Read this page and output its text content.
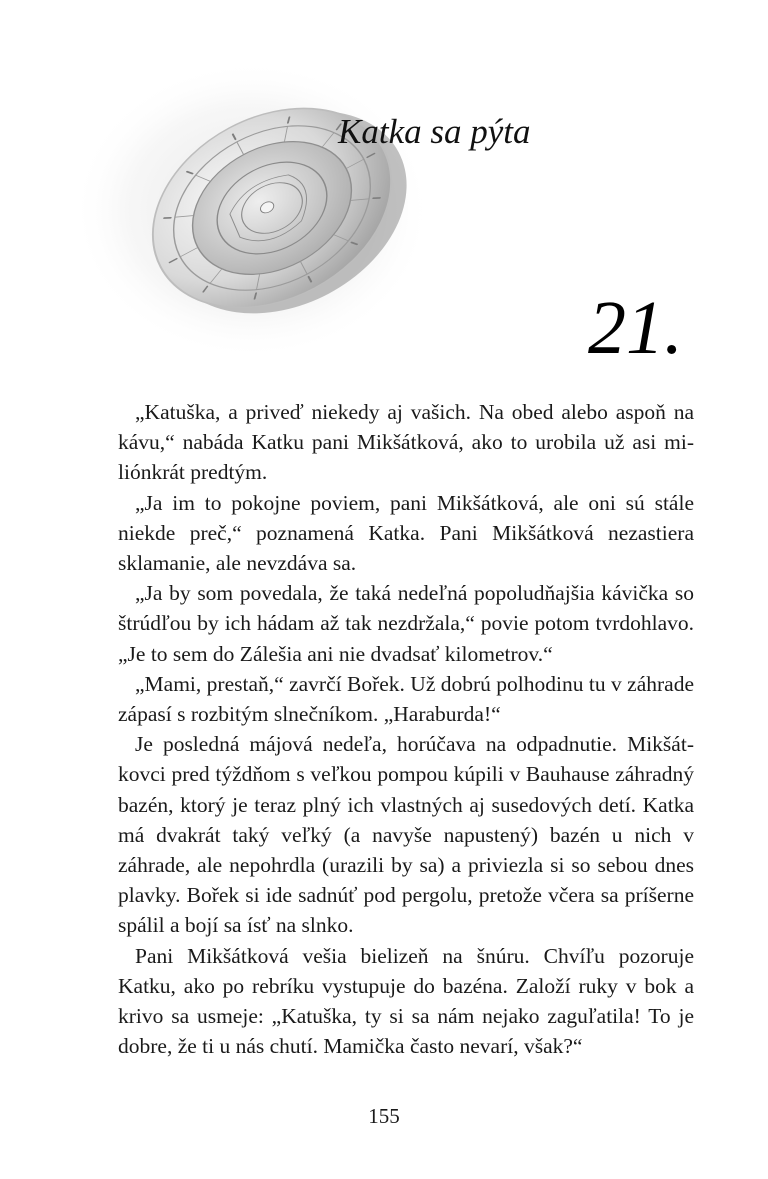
Katka sa pýta
21.

„Katuška, a priveď niekedy aj vašich. Na obed alebo aspoň na kávu,“ nabáda Katku pani Mikšátková, ako to urobila už asi miliónkrát predtým.

„Ja im to pokojne poviem, pani Mikšátková, ale oni sú stále niekde preč,“ poznamená Katka. Pani Mikšátková nezastiera sklamanie, ale nevzdáva sa.

„Ja by som povedala, že taká nedeľná popoludňajšia kávička so štrúdľou by ich hádam až tak nezdržala,“ povie potom tvrdohlavo. „Je to sem do Zálešia ani nie dvadsať kilometrov.“

„Mami, prestaň,“ zavrčí Bořek. Už dobrú polhodinu tu v záhrade zápasí s rozbitým slnečníkom. „Haraburda!“

Je posledná májová nedeľa, horúčava na odpadnutie. Mikšátkovci pred týždňom s veľkou pompou kúpili v Bauhause záhradný bazén, ktorý je teraz plný ich vlastných aj susedových detí. Katka má dvakrát taký veľký (a navyše napustený) bazén u nich v záhrade, ale nepohrdla (urazili by sa) a priviezla si so sebou dnes plavky. Bořek si ide sadnúť pod pergolu, pretože včera sa príšerne spálil a bojí sa ísť na slnko.

Pani Mikšátková vešia bielizeň na šnúru. Chvíľu pozoruje Katku, ako po rebríku vystupuje do bazéna. Založí ruky v bok a krivo sa usmeje: „Katuška, ty si sa nám nejako zaguľatila! To je dobre, že ti u nás chutí. Mamička často nevarí, však?“

155
